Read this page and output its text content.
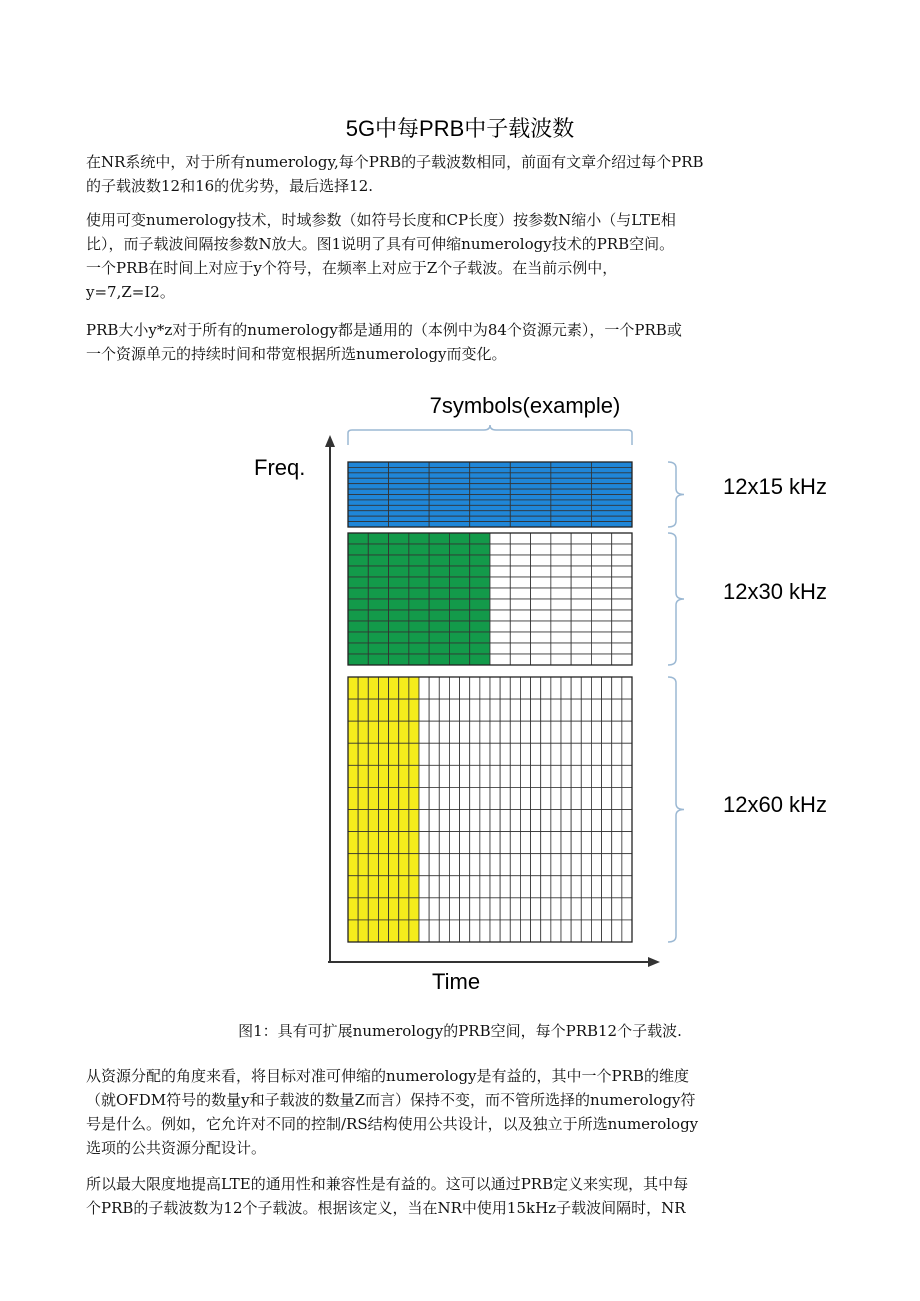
5G中每PRB中子载波数

在NR系统中，对于所有numerology,每个PRB的子载波数相同，前面有文章介绍过每个PRB
的子载波数12和16的优劣势，最后选择12.

使用可变numerology技术，时域参数（如符号长度和CP长度）按参数N缩小（与LTE相
比），而子载波间隔按参数N放大。图1说明了具有可伸缩numerology技术的PRB空间。
一个PRB在时间上对应于y个符号，在频率上对应于Z个子载波。在当前示例中，
y=7,Z=I2。

PRB大小y*z对于所有的numerology都是通用的（本例中为84个资源元素），一个PRB或
一个资源单元的持续时间和带宽根据所选numerology而变化。

7symbols(example)
Freq.
Time
12x15 kHz
12x30 kHz
12x60 kHz
图1：具有可扩展numerology的PRB空间，每个PRB12个子载波.

从资源分配的角度来看，将目标对准可伸缩的numerology是有益的，其中一个PRB的维度
（就OFDM符号的数量y和子载波的数量Z而言）保持不变，而不管所选择的numerology符
号是什么。例如，它允许对不同的控制/RS结构使用公共设计，以及独立于所选numerology
选项的公共资源分配设计。

所以最大限度地提高LTE的通用性和兼容性是有益的。这可以通过PRB定义来实现，其中每
个PRB的子载波数为12个子载波。根据该定义，当在NR中使用15kHz子载波间隔时，NR
